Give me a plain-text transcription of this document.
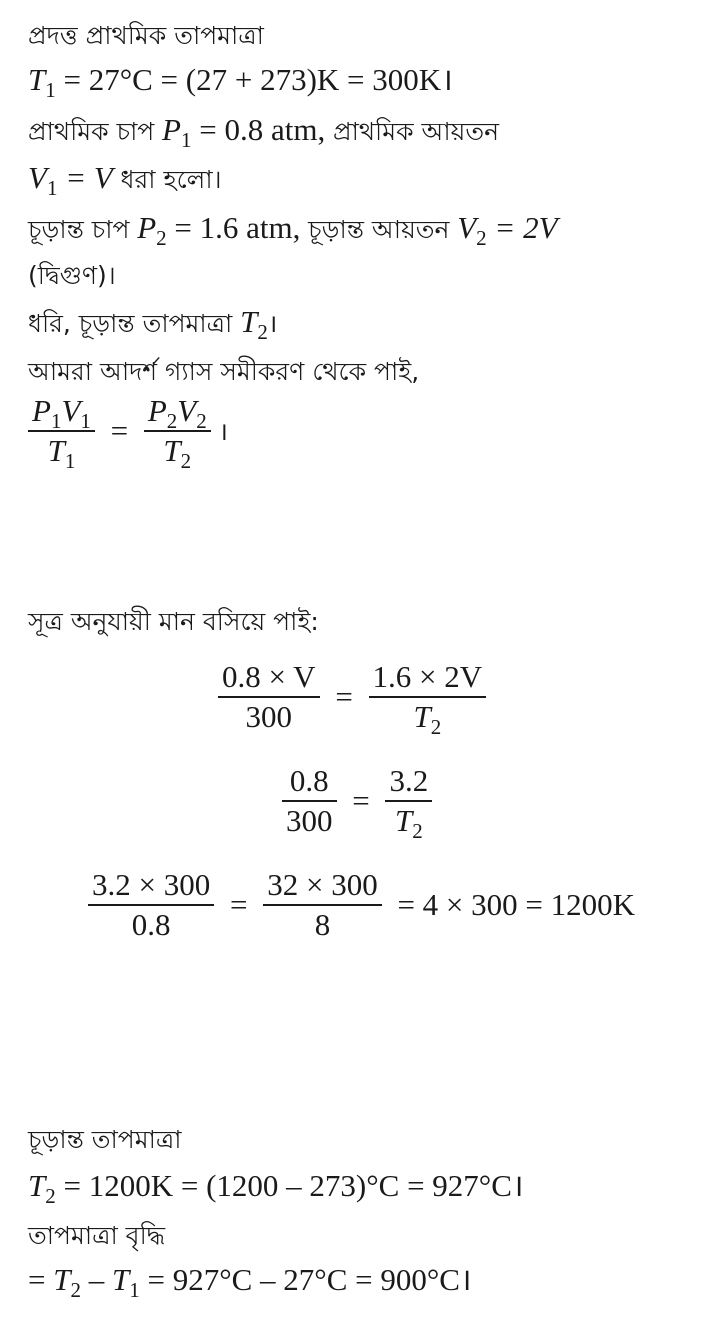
প্রদত্ত প্রাথমিক তাপমাত্রা
$T_1 = 27^\circ C = (27 + 273)K$ = 300K।
প্রাথমিক চাপ $P_1 = 0.8$ atm, প্রাথমিক আয়তন
$V_1 = V$ ধরা হলো।
চূড়ান্ত চাপ $P_2 = 1.6$ atm, চূড়ান্ত আয়তন $V_2 = 2V$
(দ্বিগুণ)।
ধরি, চূড়ান্ত তাপমাত্রা $T_2।$
আমরা আদর্শ গ্যাস সমীকরণ থেকে পাই,
$\frac{P_1V_1}{T_1} = \frac{P_2V_2}{T_2}$ ।
সূত্র অনুযায়ী মান বসিয়ে পাই:
$\frac{0.8 \times V}{300} = \frac{1.6 \times 2V}{T_2}$
$\frac{0.8}{300} = \frac{3.2}{T_2}$
$\frac{3.2 \times 300}{0.8} = \frac{32 \times 300}{8} = 4 \times 300 = 1200K$
চূড়ান্ত তাপমাত্রা
$T_2 = 1200K = (1200 - 273)^\circ C$ = 927°C।
তাপমাত্রা বৃদ্ধি
= $T_2 - T_1 = 927^\circ C - 27^\circ C$ = 900°C।
